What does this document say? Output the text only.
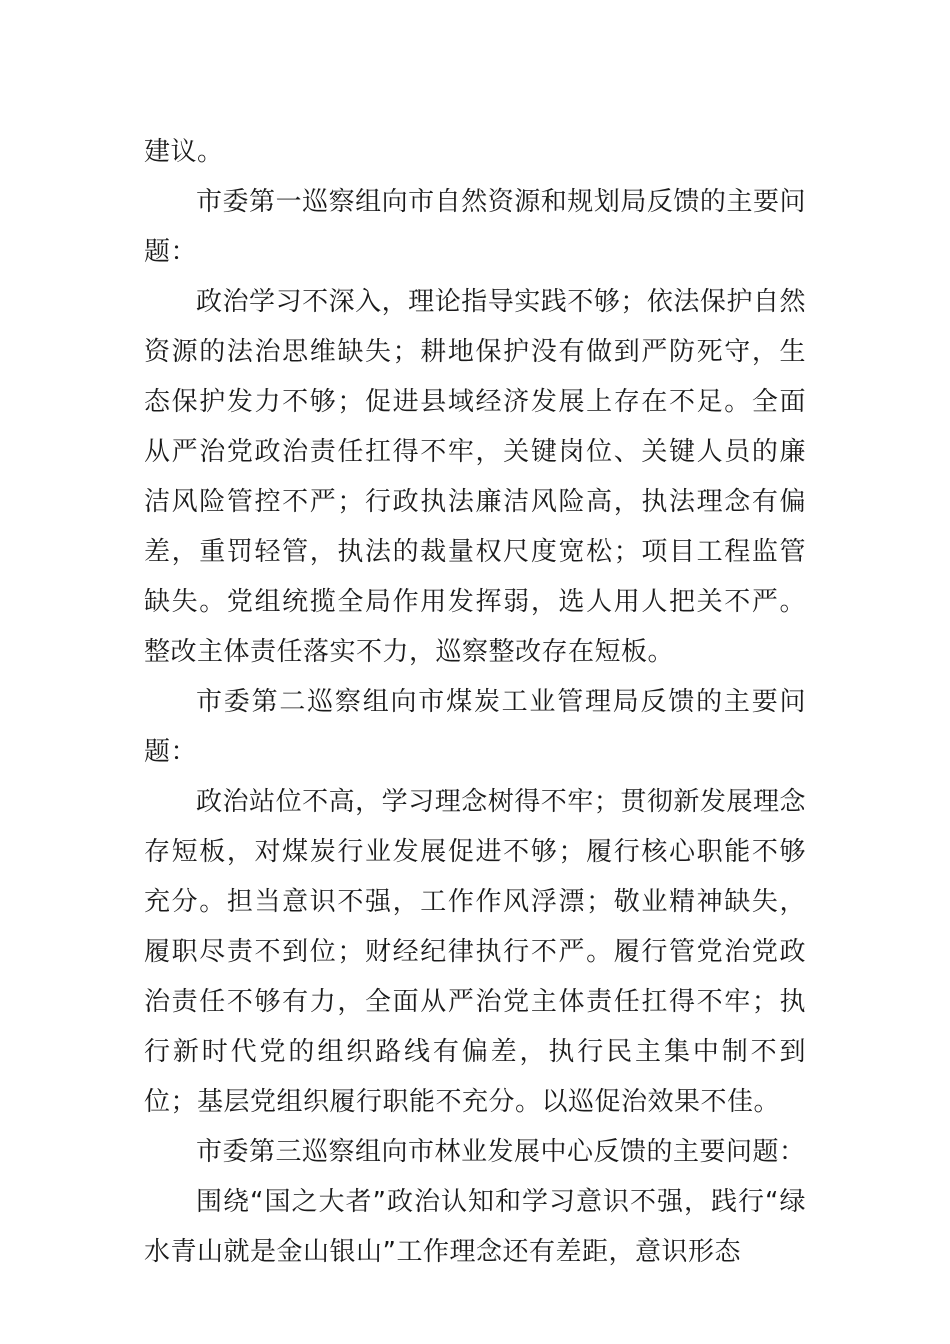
建议。

市委第一巡察组向市自然资源和规划局反馈的主要问题：

政治学习不深入，理论指导实践不够；依法保护自然资源的法治思维缺失；耕地保护没有做到严防死守，生态保护发力不够；促进县域经济发展上存在不足。全面从严治党政治责任扛得不牢，关键岗位、关键人员的廉洁风险管控不严；行政执法廉洁风险高，执法理念有偏差，重罚轻管，执法的裁量权尺度宽松；项目工程监管缺失。党组统揽全局作用发挥弱，选人用人把关不严。整改主体责任落实不力，巡察整改存在短板。

市委第二巡察组向市煤炭工业管理局反馈的主要问题：

政治站位不高，学习理念树得不牢；贯彻新发展理念存短板，对煤炭行业发展促进不够；履行核心职能不够充分。担当意识不强，工作作风浮漂；敬业精神缺失，履职尽责不到位；财经纪律执行不严。履行管党治党政治责任不够有力，全面从严治党主体责任扛得不牢；执行新时代党的组织路线有偏差，执行民主集中制不到位；基层党组织履行职能不充分。以巡促治效果不佳。

市委第三巡察组向市林业发展中心反馈的主要问题：

围绕“国之大者”政治认知和学习意识不强，践行“绿水青山就是金山银山”工作理念还有差距，意识形态
